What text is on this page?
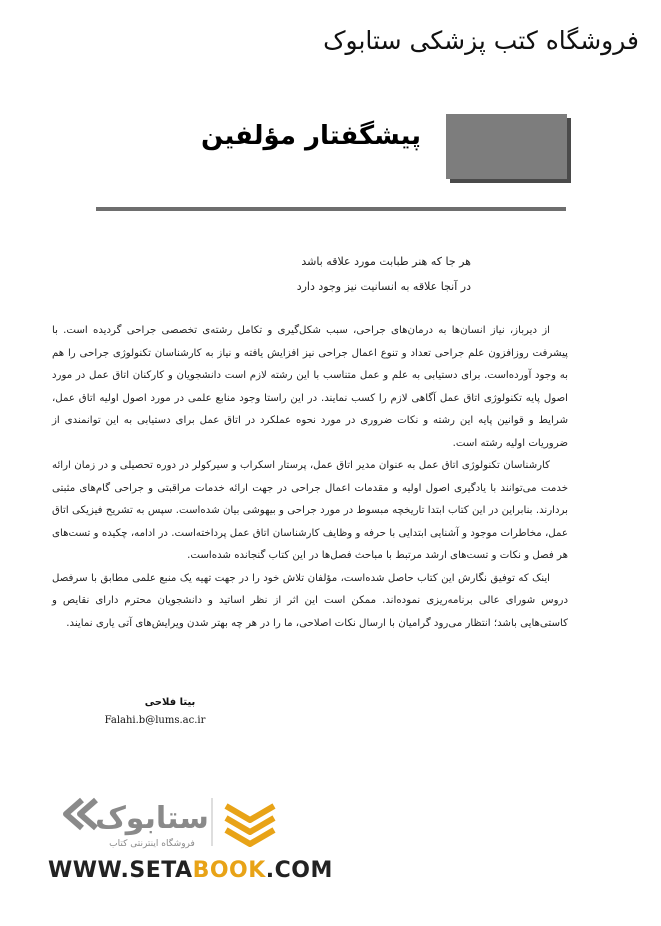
فروشگاه کتب پزشکی ستابوک
پیشگفتار مؤلفین
هر جا که هنر طبابت مورد علاقه باشد
در آنجا علاقه به انسانیت نیز وجود دارد

از دیرباز، نیاز انسان‌ها به درمان‌های جراحی، سبب شکل‌گیری و تکامل رشته‌ی تخصصی جراحی گردیده است. با پیشرفت روزافزون علم جراحی تعداد و تنوع اعمال جراحی نیز افزایش یافته و نیاز به کارشناسان تکنولوژی جراحی را هم به وجود آورده‌است. برای دستیابی به علم و عمل متناسب با این رشته لازم است دانشجویان و کارکنان اتاق عمل در مورد اصول پایه تکنولوژی اتاق عمل آگاهی لازم را کسب نمایند. در این راستا وجود منابع علمی در مورد اصول اولیه اتاق عمل، شرایط و قوانین پایه این رشته و نکات ضروری در مورد نحوه عملکرد در اتاق عمل برای دستیابی به این توانمندی از ضروریات اولیه رشته است.

کارشناسان تکنولوژی اتاق عمل به عنوان مدیر اتاق عمل، پرستار اسکراب و سیرکولر در دوره تحصیلی و در زمان ارائه خدمت می‌توانند با یادگیری اصول اولیه و مقدمات اعمال جراحی در جهت ارائه خدمات مراقبتی و جراحی گام‌های مثبتی بردارند. بنابراین در این کتاب ابتدا تاریخچه مبسوط در مورد جراحی و بیهوشی بیان شده‌است. سپس به تشریح فیزیکی اتاق عمل، مخاطرات موجود و آشنایی ابتدایی با حرفه و وظایف کارشناسان اتاق عمل پرداخته‌است. در ادامه، چکیده و تست‌های هر فصل و نکات و تست‌های ارشد مرتبط با مباحث فصل‌ها در این کتاب گنجانده شده‌است.

اینک که توفیق نگارش این کتاب حاصل شده‌است، مؤلفان تلاش خود را در جهت تهیه یک منبع علمی مطابق با سرفصل دروس شورای عالی برنامه‌ریزی نموده‌اند. ممکن است این اثر از نظر اساتید و دانشجویان محترم دارای نقایص و کاستی‌هایی باشد؛ انتظار می‌رود گرامیان با ارسال نکات اصلاحی، ما را در هر چه بهتر شدن ویرایش‌های آتی یاری نمایند.

بیتا فلاحی
Falahi.b@lums.ac.ir
ستابوک
فروشگاه اینترنتی کتاب
WWW.SETABOOK.COM
